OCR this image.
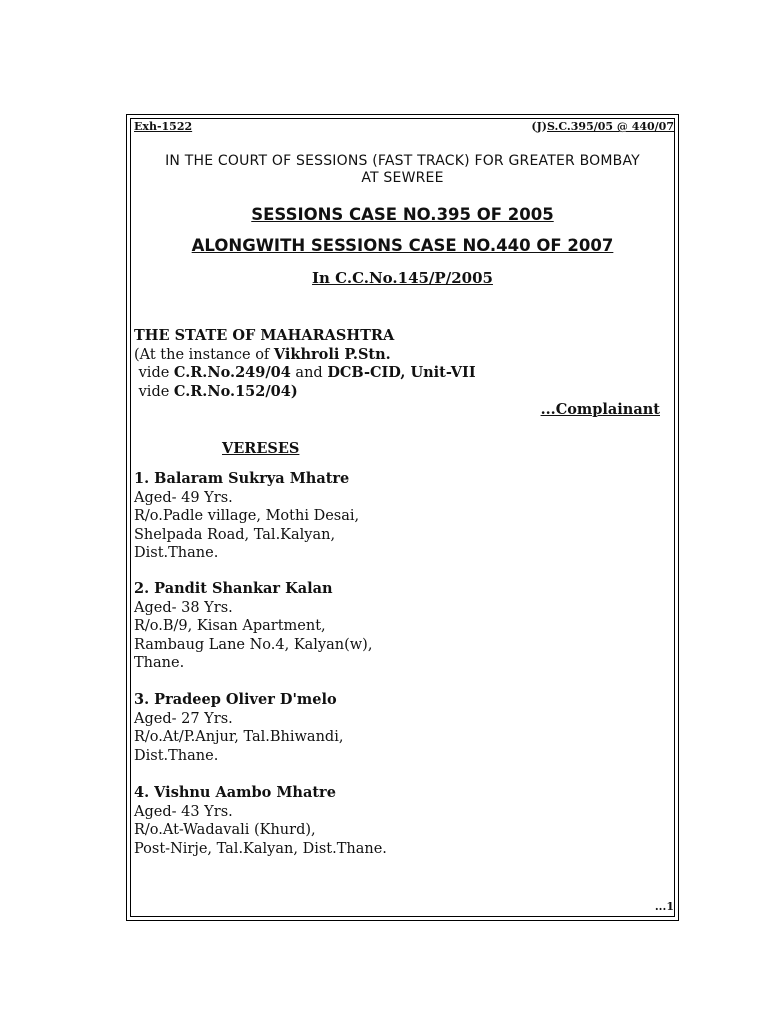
Exh-1522	(J)S.C.395/05 @ 440/07
IN THE COURT OF SESSIONS (FAST TRACK) FOR GREATER BOMBAY
AT SEWREE
SESSIONS CASE NO.395 OF 2005
ALONGWITH SESSIONS CASE NO.440 OF 2007
In C.C.No.145/P/2005
THE STATE OF MAHARASHTRA
(At the instance of Vikhroli P.Stn.
vide C.R.No.249/04 and DCB-CID, Unit-VII
vide C.R.No.152/04)
...Complainant
VERESES
1. Balaram Sukrya Mhatre
Aged- 49 Yrs.
R/o.Padle village, Mothi Desai,
Shelpada Road, Tal.Kalyan,
Dist.Thane.
2. Pandit Shankar Kalan
Aged- 38 Yrs.
R/o.B/9, Kisan Apartment,
Rambaug Lane No.4, Kalyan(w),
Thane.
3. Pradeep Oliver D'melo
Aged- 27 Yrs.
R/o.At/P.Anjur, Tal.Bhiwandi,
Dist.Thane.
4. Vishnu Aambo Mhatre
Aged- 43 Yrs.
R/o.At-Wadavali (Khurd),
Post-Nirje, Tal.Kalyan, Dist.Thane.
...1
